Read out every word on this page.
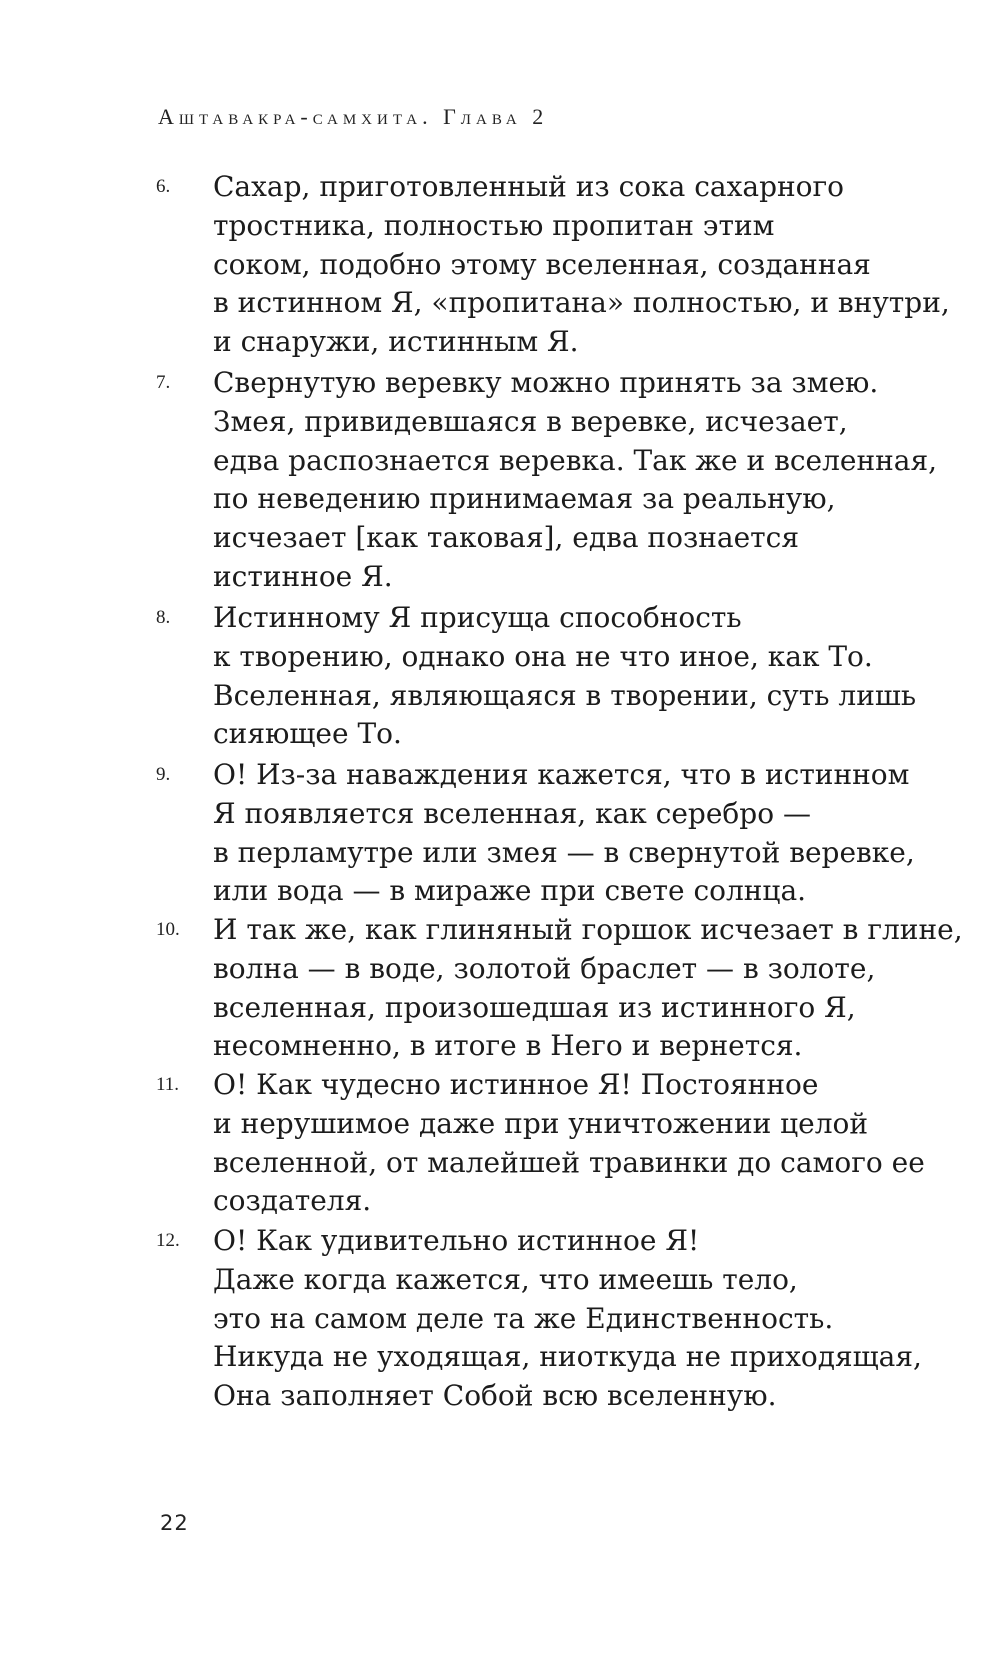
Аштавакра-самхита. Глава 2
6. Сахар, приготовленный из сока сахарного
тростника, полностью пропитан этим
соком, подобно этому вселенная, созданная
в истинном Я, «пропитана» полностью, и внутри,
и снаружи, истинным Я.
7. Свернутую веревку можно принять за змею.
Змея, привидевшаяся в веревке, исчезает,
едва распознается веревка. Так же и вселенная,
по неведению принимаемая за реальную,
исчезает [как таковая], едва познается
истинное Я.
8. Истинному Я присуща способность
к творению, однако она не что иное, как То.
Вселенная, являющаяся в творении, суть лишь
сияющее То.
9. О! Из-за наваждения кажется, что в истинном
Я появляется вселенная, как серебро —
в перламутре или змея — в свернутой веревке,
или вода — в мираже при свете солнца.
10. И так же, как глиняный горшок исчезает в глине,
волна — в воде, золотой браслет — в золоте,
вселенная, произошедшая из истинного Я,
несомненно, в итоге в Него и вернется.
11. О! Как чудесно истинное Я! Постоянное
и нерушимое даже при уничтожении целой
вселенной, от малейшей травинки до самого ее
создателя.
12. О! Как удивительно истинное Я!
Даже когда кажется, что имеешь тело,
это на самом деле та же Единственность.
Никуда не уходящая, ниоткуда не приходящая,
Она заполняет Собой всю вселенную.
22
